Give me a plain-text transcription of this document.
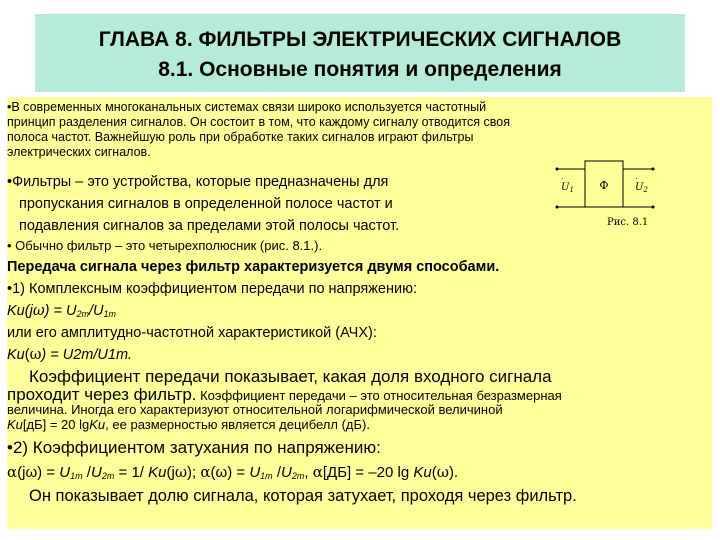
ГЛАВА 8. ФИЛЬТРЫ ЭЛЕКТРИЧЕСКИХ СИГНАЛОВ
8.1. Основные понятия и определения
•В современных многоканальных системах связи широко используется частотный
принцип разделения сигналов. Он состоит в том, что каждому сигналу отводится своя
полоса частот. Важнейшую роль при обработке таких сигналов играют фильтры
электрических сигналов.
•Фильтры – это устройства, которые предназначены для
пропускания сигналов в определенной полосе частот и
подавления сигналов за пределами этой полосы частот.
Ф
$U_1$	$U_2$
·	·
Рис. 8.1
• Обычно фильтр – это четырехполюсник (рис. 8.1.).
Передача сигнала через фильтр характеризуется двумя способами.
•1) Комплексным коэффициентом передачи по напряжению:
$Ku(j\omega) = U_{2m}/U_{1m}$
или его амплитудно-частотной характеристикой (АЧХ):
Ku(ω) = U2m/U1m.
Коэффициент передачи показывает, какая доля входного сигнала
проходит через фильтр. Коэффициент передачи – это относительная безразмерная
величина. Иногда его характеризуют относительной логарифмической величиной
Ku[дБ] = 20 lgKu, ее размерностью является децибелл (дБ).
•2) Коэффициентом затухания по напряжению:
$\alpha(j\omega) = U_{1m}$ $/U_{2m} = 1/$ Ku(jω); $\alpha(\omega) = U_{1m}$ $/U_{2m}$, α[ДБ] = –20 lg Ku(ω).
Он показывает долю сигнала, которая затухает, проходя через фильтр.
